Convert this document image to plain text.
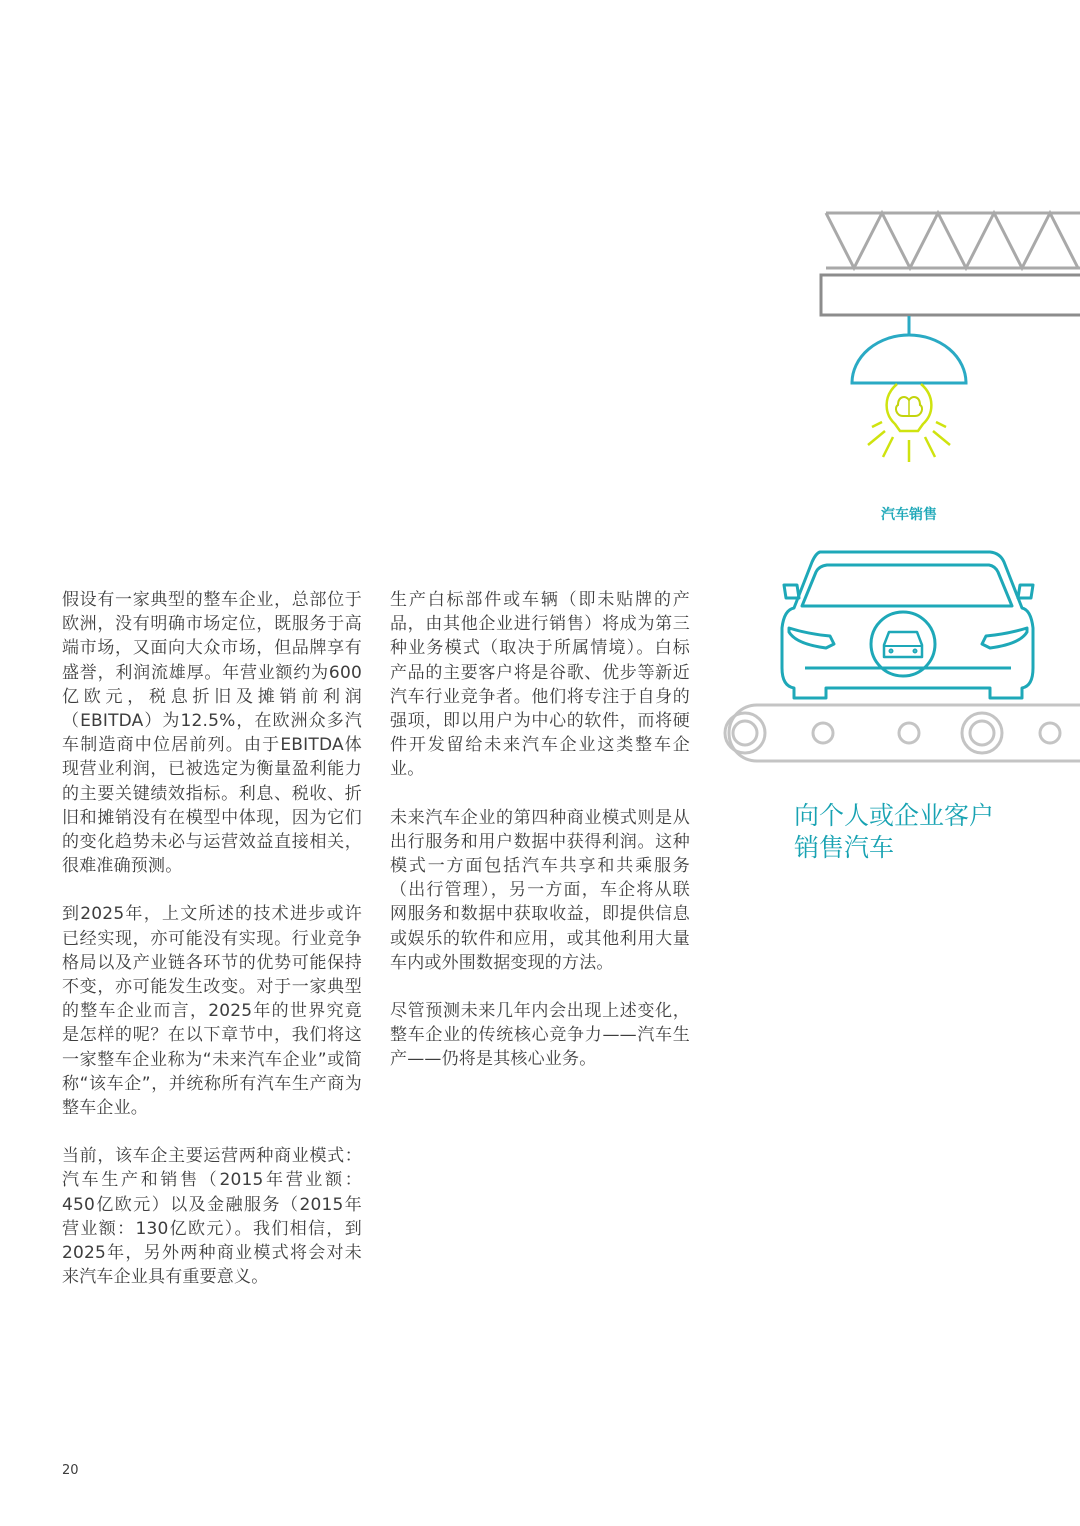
汽车销售
向个人或企业客户
销售汽车

假设有一家典型的整车企业，总部位于欧洲，没有明确市场定位，既服务于高端市场，又面向大众市场，但品牌享有盛誉，利润流雄厚。年营业额约为600亿欧元，税息折旧及摊销前利润（EBITDA）为12.5%，在欧洲众多汽车制造商中位居前列。由于EBITDA体现营业利润，已被选定为衡量盈利能力的主要关键绩效指标。利息、税收、折旧和摊销没有在模型中体现，因为它们的变化趋势未必与运营效益直接相关，很难准确预测。

到2025年，上文所述的技术进步或许已经实现，亦可能没有实现。行业竞争格局以及产业链各环节的优势可能保持不变，亦可能发生改变。对于一家典型的整车企业而言，2025年的世界究竟是怎样的呢？在以下章节中，我们将这一家整车企业称为“未来汽车企业”或简称“该车企”，并统称所有汽车生产商为整车企业。

当前，该车企主要运营两种商业模式：汽车生产和销售（2015年营业额：450亿欧元）以及金融服务（2015年营业额：130亿欧元）。我们相信，到2025年，另外两种商业模式将会对未来汽车企业具有重要意义。

生产白标部件或车辆（即未贴牌的产品，由其他企业进行销售）将成为第三种业务模式（取决于所属情境）。白标产品的主要客户将是谷歌、优步等新近汽车行业竞争者。他们将专注于自身的强项，即以用户为中心的软件，而将硬件开发留给未来汽车企业这类整车企业。

未来汽车企业的第四种商业模式则是从出行服务和用户数据中获得利润。这种模式一方面包括汽车共享和共乘服务（出行管理），另一方面，车企将从联网服务和数据中获取收益，即提供信息或娱乐的软件和应用，或其他利用大量车内或外围数据变现的方法。

尽管预测未来几年内会出现上述变化，整车企业的传统核心竞争力——汽车生产——仍将是其核心业务。

20
